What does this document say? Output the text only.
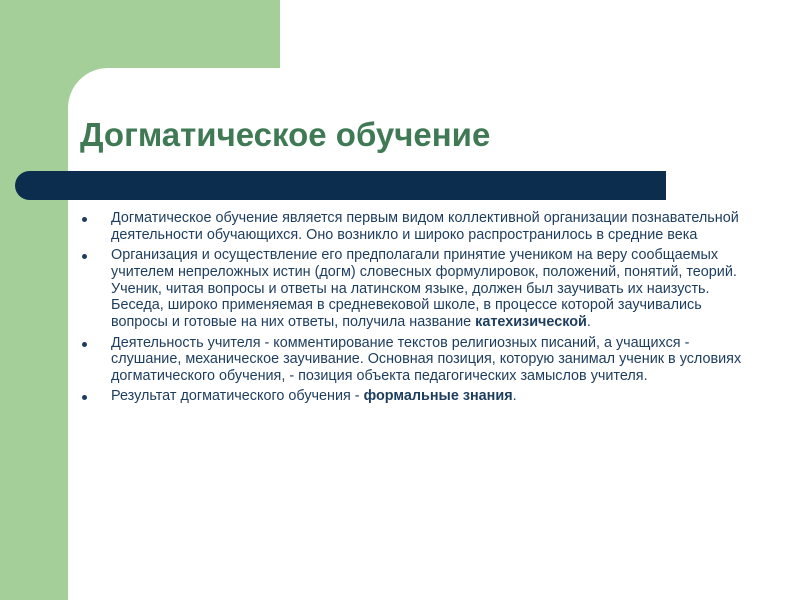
Догматическое обучение
Догматическое обучение является первым видом коллективной организации познавательной деятельности обучающихся. Оно возникло и широко распространилось в средние века
Организация и осуществление его предполагали принятие учеником на веру сообщаемых учителем непреложных истин (догм) словесных формулировок, положений, понятий, теорий. Ученик, читая вопросы и ответы на латинском языке, должен был заучивать их наизусть. Беседа, широко применяемая в средневековой школе, в процессе которой заучивались вопросы и готовые на них ответы, получила название катехизической.
Деятельность учителя - комментирование текстов религиозных писаний, а учащихся - слушание, механическое заучивание. Основная позиция, которую занимал ученик в условиях догматического обучения, - позиция объекта педагогических замыслов учителя.
Результат догматического обучения - формальные знания.
